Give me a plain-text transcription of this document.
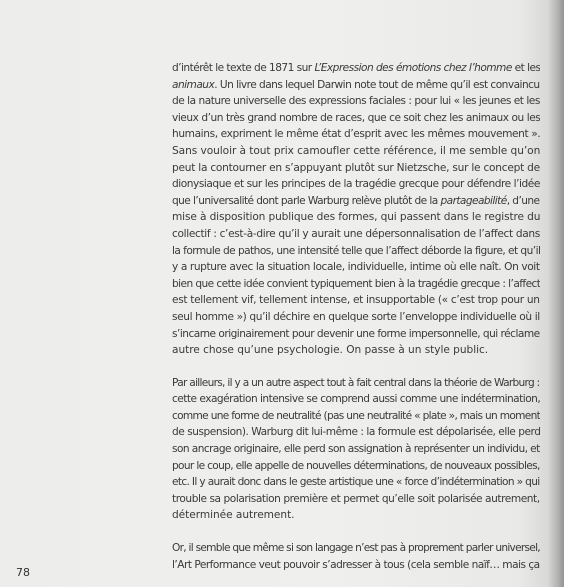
d’intérêt le texte de 1871 sur L’Expression des émotions chez l’homme et les
animaux. Un livre dans lequel Darwin note tout de même qu’il est convaincu
de la nature universelle des expressions faciales : pour lui « les jeunes et les
vieux d’un très grand nombre de races, que ce soit chez les animaux ou les
humains, expriment le même état d’esprit avec les mêmes mouvement ».
Sans vouloir à tout prix camoufler cette référence, il me semble qu’on
peut la contourner en s’appuyant plutôt sur Nietzsche, sur le concept de
dionysiaque et sur les principes de la tragédie grecque pour défendre l’idée
que l’universalité dont parle Warburg relève plutôt de la partageabilité, d’une
mise à disposition publique des formes, qui passent dans le registre du
collectif : c’est-à-dire qu’il y aurait une dépersonnalisation de l’affect dans
la formule de pathos, une intensité telle que l’affect déborde la figure, et qu’il
y a rupture avec la situation locale, individuelle, intime où elle naît. On voit
bien que cette idée convient typiquement bien à la tragédie grecque : l’affect
est tellement vif, tellement intense, et insupportable (« c’est trop pour un
seul homme ») qu’il déchire en quelque sorte l’enveloppe individuelle où il
s’incarne originairement pour devenir une forme impersonnelle, qui réclame
autre chose qu’une psychologie. On passe à un style public.
Par ailleurs, il y a un autre aspect tout à fait central dans la théorie de Warburg :
cette exagération intensive se comprend aussi comme une indétermination,
comme une forme de neutralité (pas une neutralité « plate », mais un moment
de suspension). Warburg dit lui-même : la formule est dépolarisée, elle perd
son ancrage originaire, elle perd son assignation à représenter un individu, et
pour le coup, elle appelle de nouvelles déterminations, de nouveaux possibles,
etc. Il y aurait donc dans le geste artistique une « force d’indétermination » qui
trouble sa polarisation première et permet qu’elle soit polarisée autrement,
déterminée autrement.
Or, il semble que même si son langage n’est pas à proprement parler universel,
l’Art Performance veut pouvoir s’adresser à tous (cela semble naïf… mais ça
78
